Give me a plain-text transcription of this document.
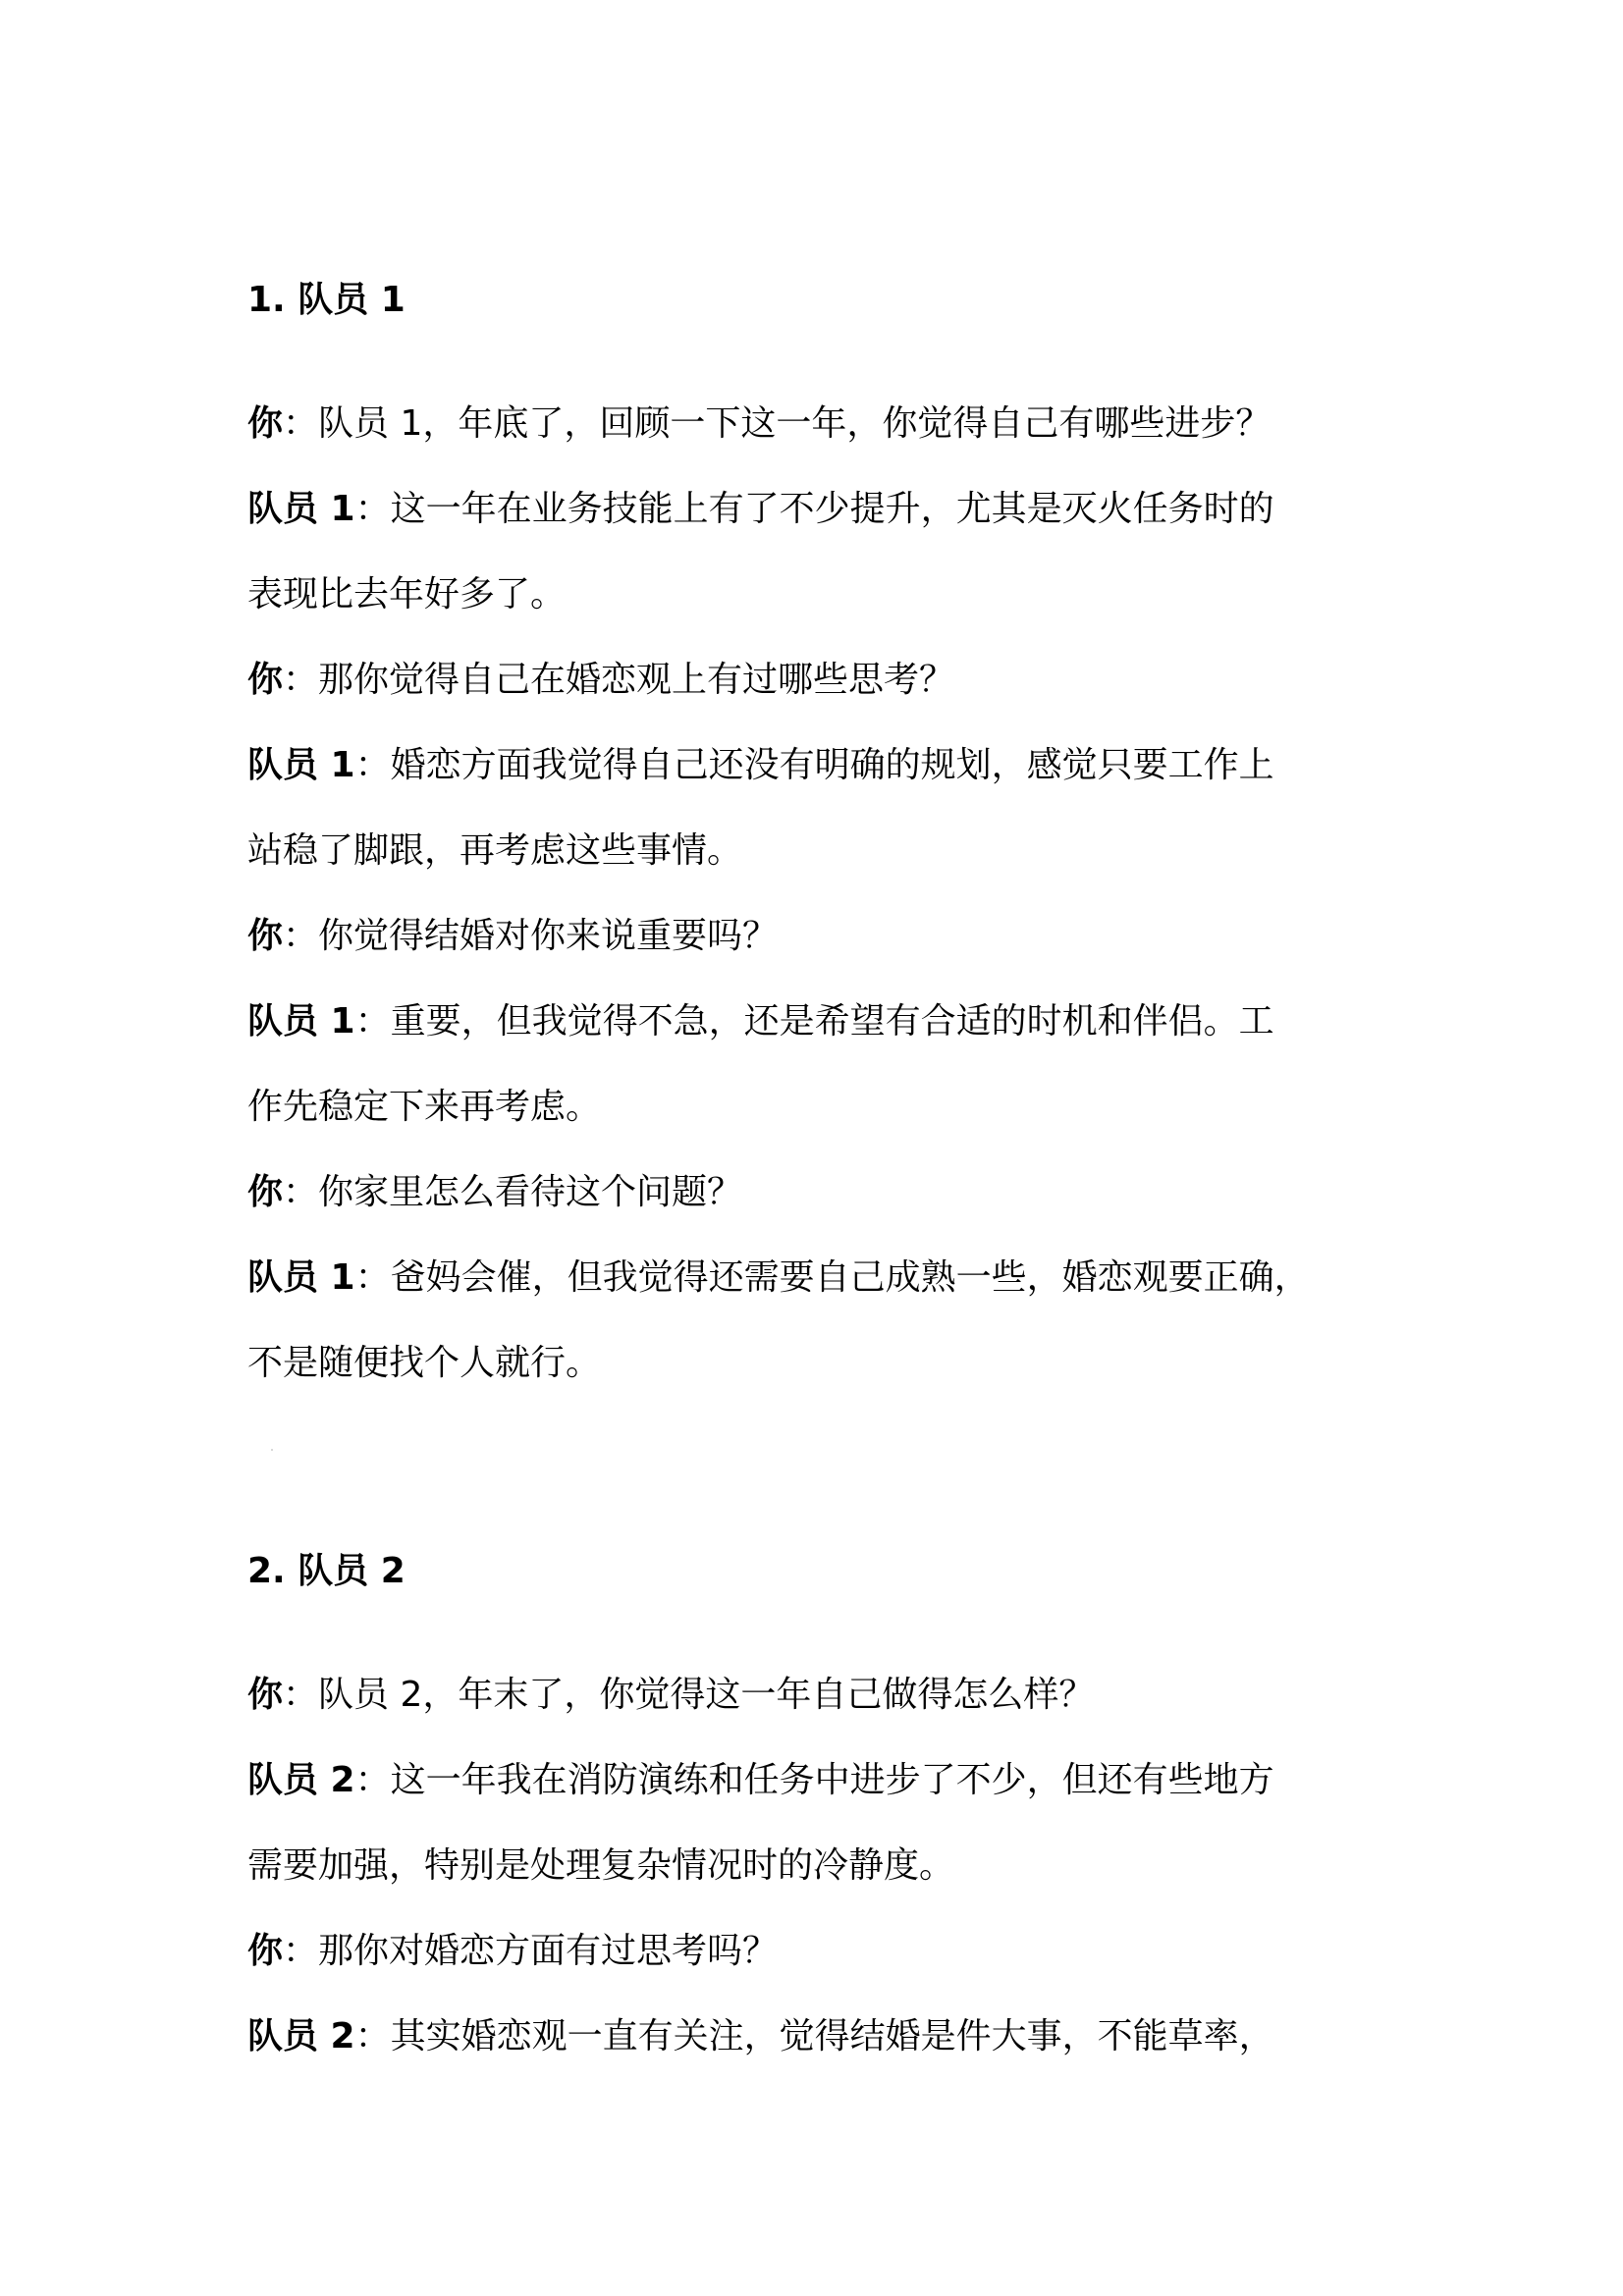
1. 队员 1
你：队员 1，年底了，回顾一下这一年，你觉得自己有哪些进步？
队员 1：这一年在业务技能上有了不少提升，尤其是灭火任务时的
表现比去年好多了。
你：那你觉得自己在婚恋观上有过哪些思考？
队员 1：婚恋方面我觉得自己还没有明确的规划，感觉只要工作上
站稳了脚跟，再考虑这些事情。
你：你觉得结婚对你来说重要吗？
队员 1：重要，但我觉得不急，还是希望有合适的时机和伴侣。工
作先稳定下来再考虑。
你：你家里怎么看待这个问题？
队员 1：爸妈会催，但我觉得还需要自己成熟一些，婚恋观要正确，
不是随便找个人就行。
2. 队员 2
你：队员 2，年末了，你觉得这一年自己做得怎么样？
队员 2：这一年我在消防演练和任务中进步了不少，但还有些地方
需要加强，特别是处理复杂情况时的冷静度。
你：那你对婚恋方面有过思考吗？
队员 2：其实婚恋观一直有关注，觉得结婚是件大事，不能草率，
